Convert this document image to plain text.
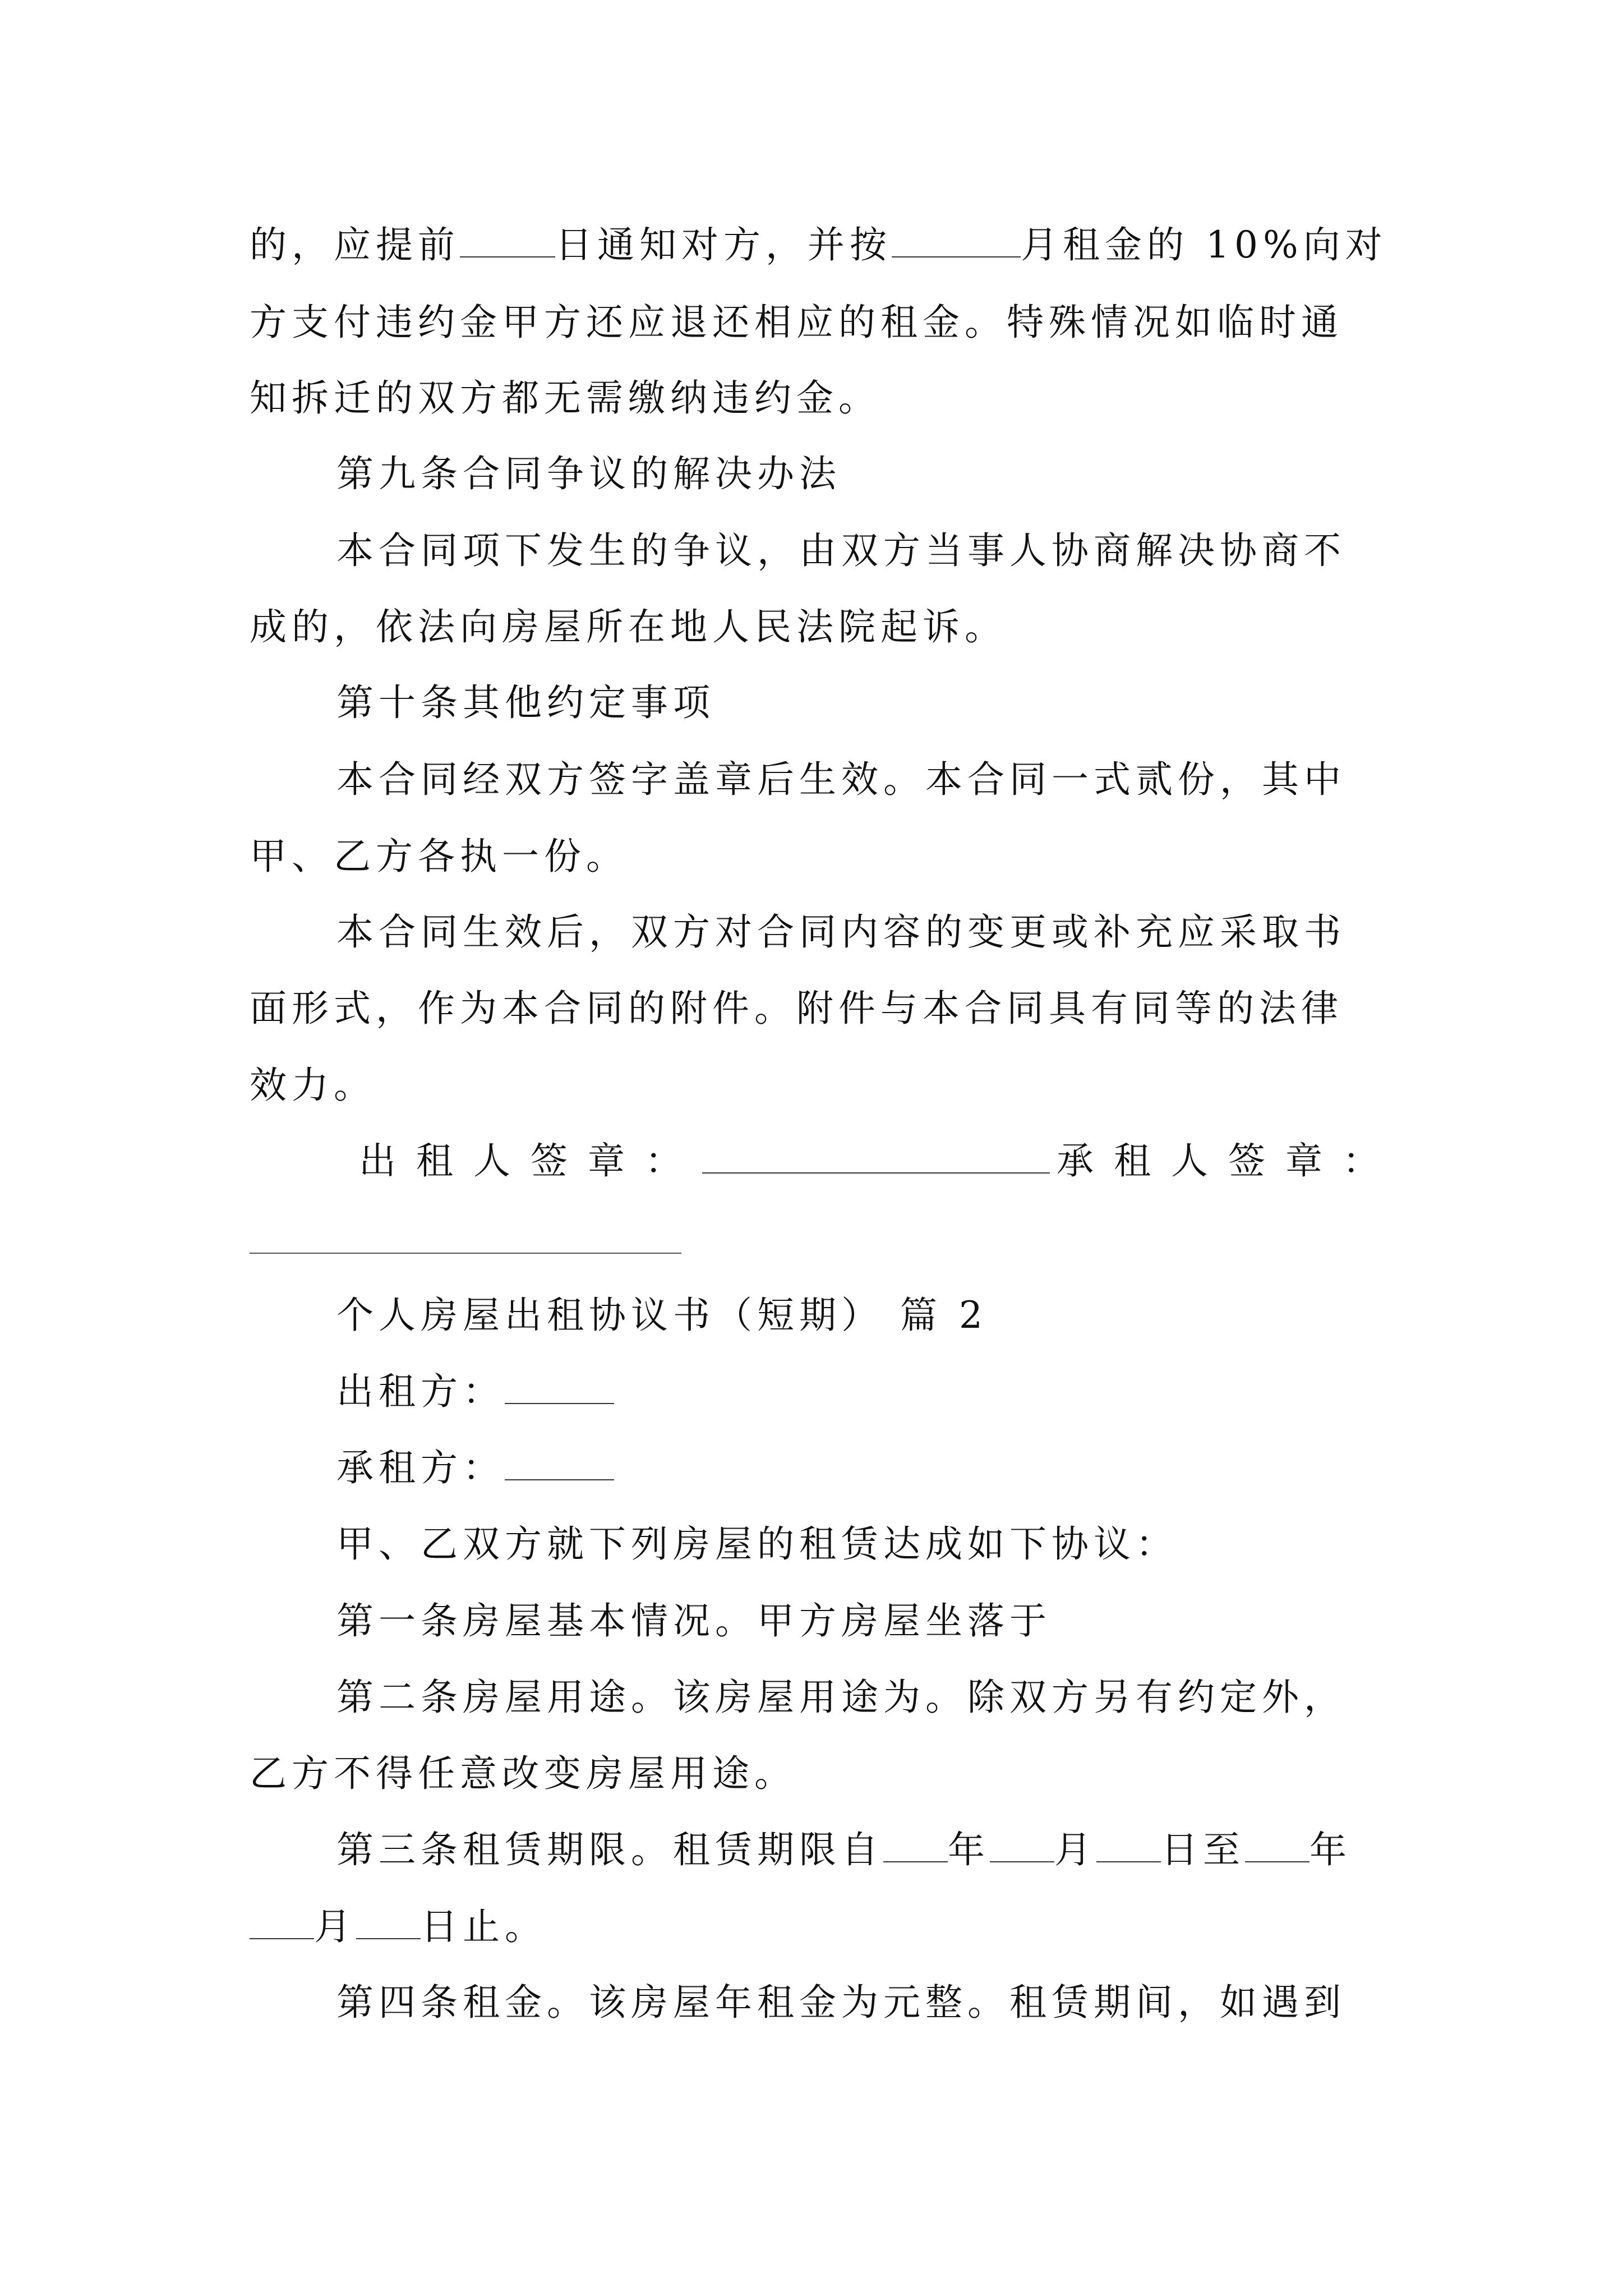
的，应提前	日通知对方，并按	月租金的 10%向对
方支付违约金甲方还应退还相应的租金。特殊情况如临时通
知拆迁的双方都无需缴纳违约金。
第九条合同争议的解决办法
本合同项下发生的争议，由双方当事人协商解决协商不
成的，依法向房屋所在地人民法院起诉。
第十条其他约定事项
本合同经双方签字盖章后生效。本合同一式贰份，其中
甲、乙方各执一份。
本合同生效后，双方对合同内容的变更或补充应采取书
面形式，作为本合同的附件。附件与本合同具有同等的法律
效力。
出租人签章：	承租人签章：
个人房屋出租协议书（短期） 篇 2
出租方：
承租方：
甲、乙双方就下列房屋的租赁达成如下协议：
第一条房屋基本情况。甲方房屋坐落于
第二条房屋用途。该房屋用途为。除双方另有约定外，
乙方不得任意改变房屋用途。
第三条租赁期限。租赁期限自 年 月 日至 年
月 日止。
第四条租金。该房屋年租金为元整。租赁期间，如遇到
